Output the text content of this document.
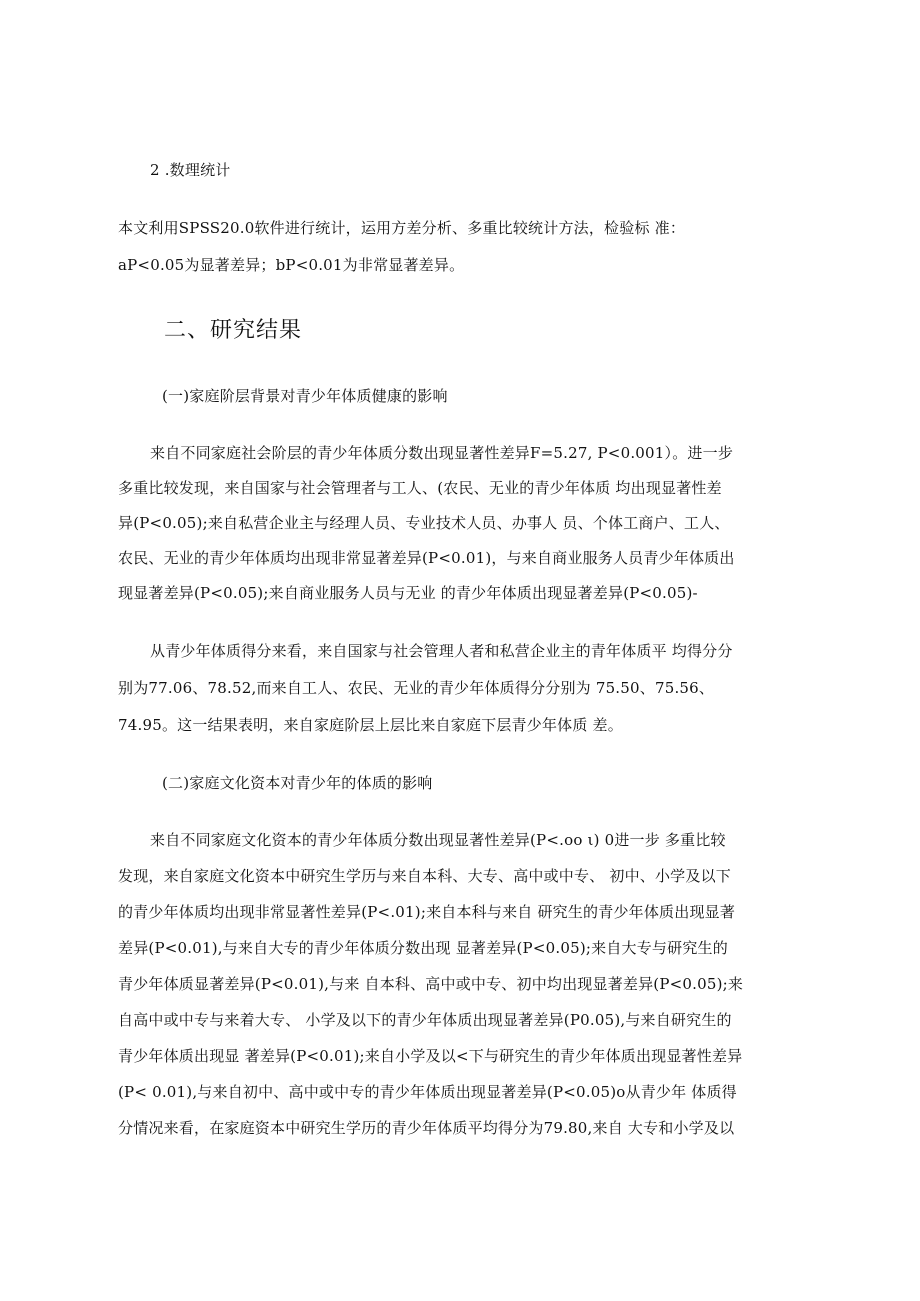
2 .数理统计
本文利用SPSS20.0软件进行统计，运用方差分析、多重比较统计方法，检验标 准：
aP<0.05为显著差异；bP<0.01为非常显著差异。
二、研究结果
(一)家庭阶层背景对青少年体质健康的影响
来自不同家庭社会阶层的青少年体质分数出现显著性差异F=5.27, P<0.001）。进一步
多重比较发现，来自国家与社会管理者与工人、(农民、无业的青少年体质 均出现显著性差
异(P<0.05);来自私营企业主与经理人员、专业技术人员、办事人 员、个体工商户、工人、
农民、无业的青少年体质均出现非常显著差异(P<0.01)，与来自商业服务人员青少年体质出
现显著差异(P<0.05);来自商业服务人员与无业 的青少年体质出现显著差异(P<0.05)-
从青少年体质得分来看，来自国家与社会管理人者和私营企业主的青年体质平 均得分分
别为77.06、78.52,而来自工人、农民、无业的青少年体质得分分别为 75.50、75.56、
74.95。这一结果表明，来自家庭阶层上层比来自家庭下层青少年体质 差。
(二)家庭文化资本对青少年的体质的影响
来自不同家庭文化资本的青少年体质分数出现显著性差异(P<.oo ι) 0进一步 多重比较
发现，来自家庭文化资本中研究生学历与来自本科、大专、高中或中专、 初中、小学及以下
的青少年体质均出现非常显著性差异(P<.01);来自本科与来自 研究生的青少年体质出现显著
差异(P<0.01),与来自大专的青少年体质分数出现 显著差异(P<0.05);来自大专与研究生的
青少年体质显著差异(P<0.01),与来 自本科、高中或中专、初中均出现显著差异(P<0.05);来
自高中或中专与来着大专、 小学及以下的青少年体质出现显著差异(P0.05),与来自研究生的
青少年体质出现显 著差异(P<0.01);来自小学及以<下与研究生的青少年体质出现显著性差异
(P< 0.01),与来自初中、高中或中专的青少年体质出现显著差异(P<0.05)o从青少年 体质得
分情况来看，在家庭资本中研究生学历的青少年体质平均得分为79.80,来自 大专和小学及以
